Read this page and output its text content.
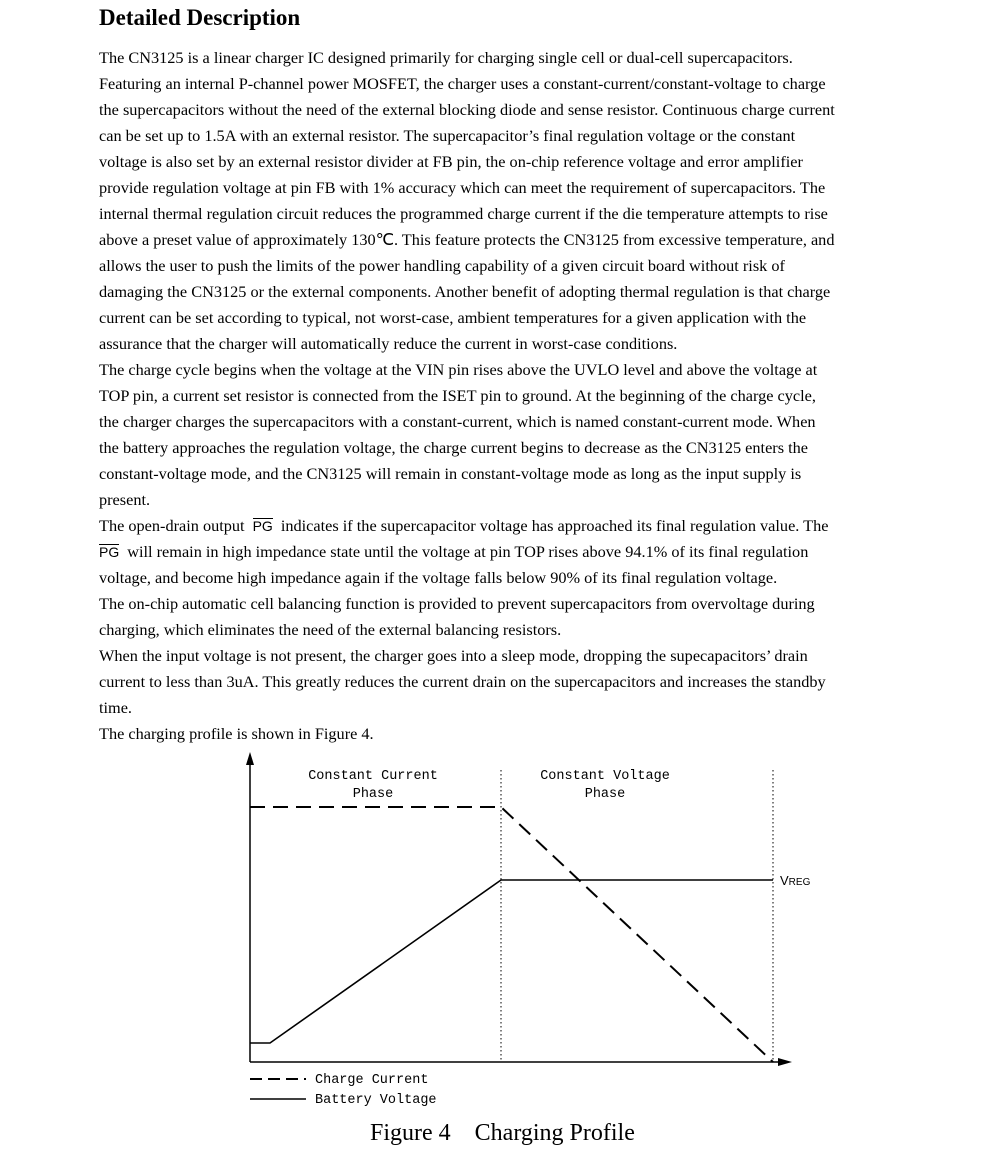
Detailed Description
The CN3125 is a linear charger IC designed primarily for charging single cell or dual-cell supercapacitors.
Featuring an internal P-channel power MOSFET, the charger uses a constant-current/constant-voltage to charge
the supercapacitors without the need of the external blocking diode and sense resistor. Continuous charge current
can be set up to 1.5A with an external resistor. The supercapacitor’s final regulation voltage or the constant
voltage is also set by an external resistor divider at FB pin, the on-chip reference voltage and error amplifier
provide regulation voltage at pin FB with 1% accuracy which can meet the requirement of supercapacitors. The
internal thermal regulation circuit reduces the programmed charge current if the die temperature attempts to rise
above a preset value of approximately 130℃. This feature protects the CN3125 from excessive temperature, and
allows the user to push the limits of the power handling capability of a given circuit board without risk of
damaging the CN3125 or the external components. Another benefit of adopting thermal regulation is that charge
current can be set according to typical, not worst-case, ambient temperatures for a given application with the
assurance that the charger will automatically reduce the current in worst-case conditions.
The charge cycle begins when the voltage at the VIN pin rises above the UVLO level and above the voltage at
TOP pin, a current set resistor is connected from the ISET pin to ground. At the beginning of the charge cycle,
the charger charges the supercapacitors with a constant-current, which is named constant-current mode. When
the battery approaches the regulation voltage, the charge current begins to decrease as the CN3125 enters the
constant-voltage mode, and the CN3125 will remain in constant-voltage mode as long as the input supply is
present.
The open-drain output PG indicates if the supercapacitor voltage has approached its final regulation value. The
PG will remain in high impedance state until the voltage at pin TOP rises above 94.1% of its final regulation
voltage, and become high impedance again if the voltage falls below 90% of its final regulation voltage.
The on-chip automatic cell balancing function is provided to prevent supercapacitors from overvoltage during
charging, which eliminates the need of the external balancing resistors.
When the input voltage is not present, the charger goes into a sleep mode, dropping the supecapacitors’ drain
current to less than 3uA. This greatly reduces the current drain on the supercapacitors and increases the standby
time.
The charging profile is shown in Figure 4.
Constant Current
Phase
Constant Voltage
Phase
VREG
Charge Current
Battery Voltage

Figure 4    Charging Profile
